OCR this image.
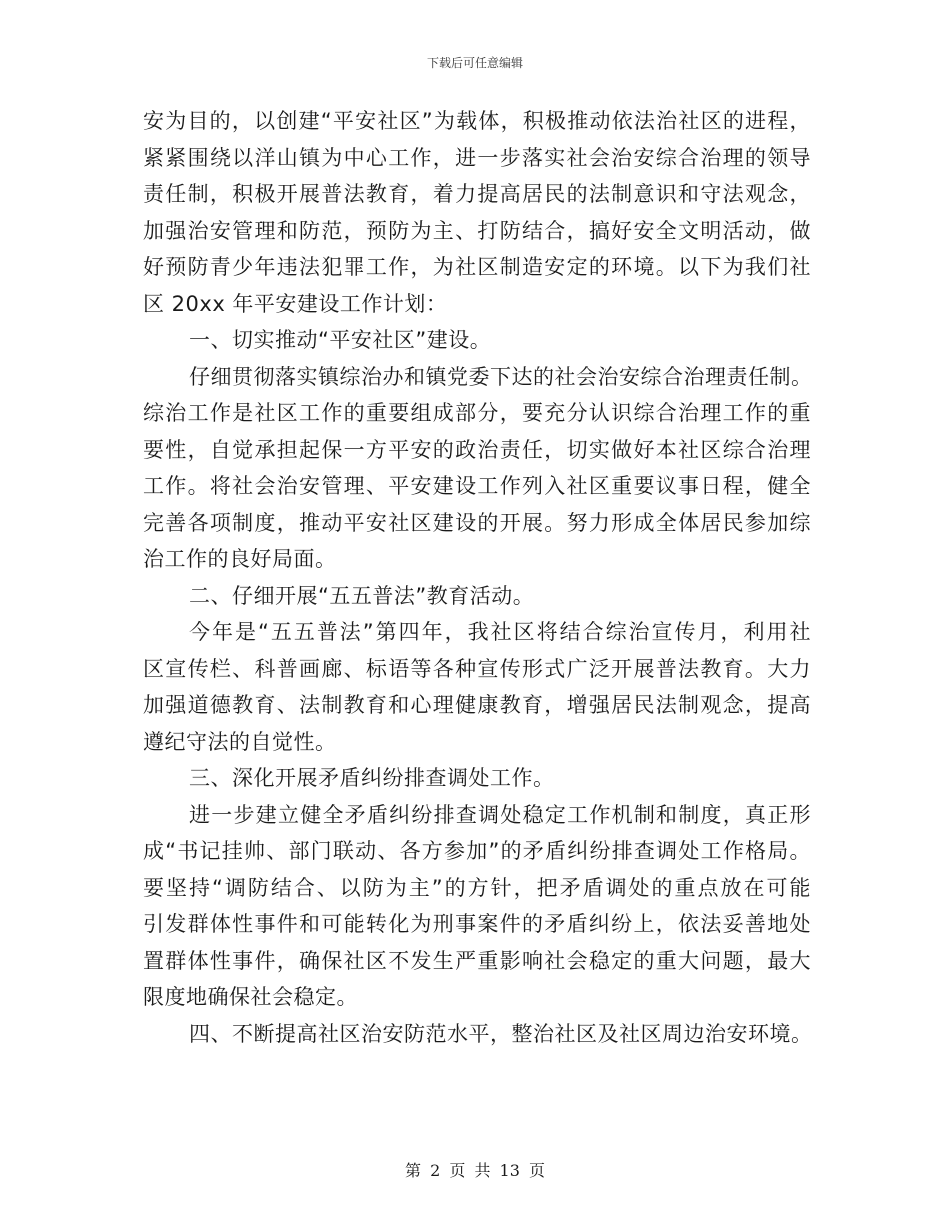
下载后可任意编辑
安为目的，以创建“平安社区”为载体，积极推动依法治社区的进程，
紧紧围绕以洋山镇为中心工作，进一步落实社会治安综合治理的领导
责任制，积极开展普法教育，着力提高居民的法制意识和守法观念，
加强治安管理和防范，预防为主、打防结合，搞好安全文明活动，做
好预防青少年违法犯罪工作，为社区制造安定的环境。以下为我们社
区 20xx 年平安建设工作计划：
一、切实推动“平安社区”建设。
仔细贯彻落实镇综治办和镇党委下达的社会治安综合治理责任制。
综治工作是社区工作的重要组成部分，要充分认识综合治理工作的重
要性，自觉承担起保一方平安的政治责任，切实做好本社区综合治理
工作。将社会治安管理、平安建设工作列入社区重要议事日程，健全
完善各项制度，推动平安社区建设的开展。努力形成全体居民参加综
治工作的良好局面。
二、仔细开展“五五普法”教育活动。
今年是“五五普法”第四年，我社区将结合综治宣传月，利用社
区宣传栏、科普画廊、标语等各种宣传形式广泛开展普法教育。大力
加强道德教育、法制教育和心理健康教育，增强居民法制观念，提高
遵纪守法的自觉性。
三、深化开展矛盾纠纷排查调处工作。
进一步建立健全矛盾纠纷排查调处稳定工作机制和制度，真正形
成“书记挂帅、部门联动、各方参加”的矛盾纠纷排查调处工作格局。
要坚持“调防结合、以防为主”的方针，把矛盾调处的重点放在可能
引发群体性事件和可能转化为刑事案件的矛盾纠纷上，依法妥善地处
置群体性事件，确保社区不发生严重影响社会稳定的重大问题，最大
限度地确保社会稳定。
四、不断提高社区治安防范水平，整治社区及社区周边治安环境。
第 2 页 共 13 页
